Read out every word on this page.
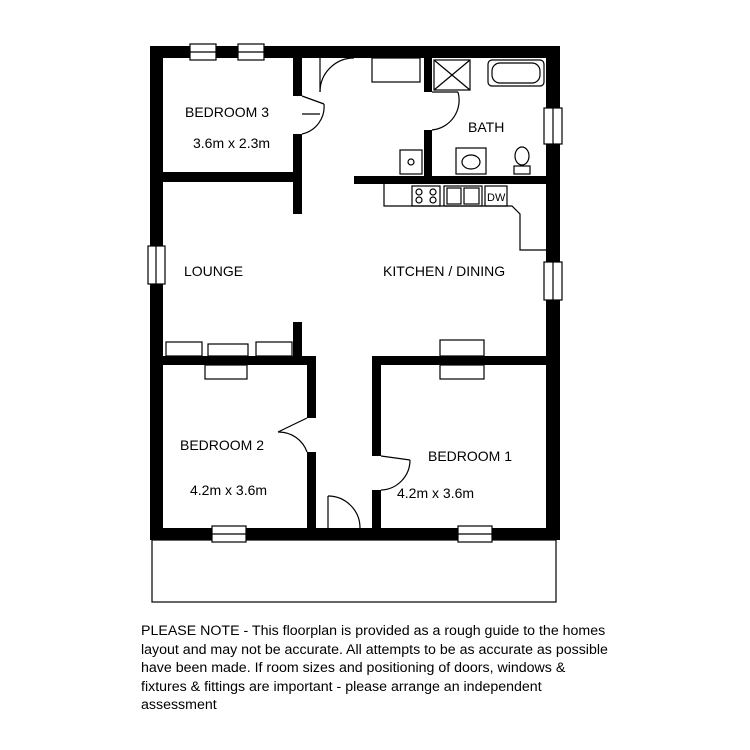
BEDROOM 3
3.6m x 2.3m
BATH
LOUNGE	KITCHEN / DINING
BEDROOM 2
4.2m x 3.6m
BEDROOM 1
4.2m x 3.6m
DW

PLEASE NOTE - This floorplan is provided as a rough guide to the homes layout and may not be accurate. All attempts to be as accurate as possible have been made. If room sizes and positioning of doors, windows & fixtures & fittings are important - please arrange an independent assessment
